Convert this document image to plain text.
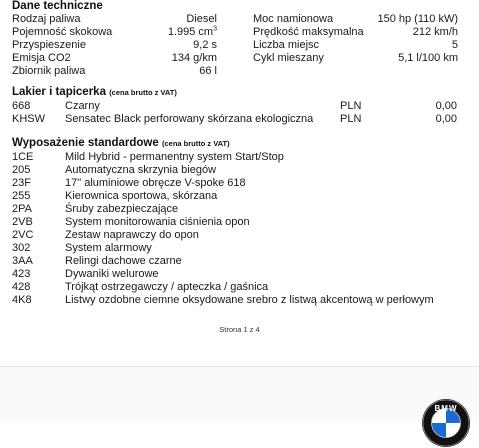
Dane techniczne
Rodzaj paliwa	Diesel
Pojemność skokowa	1.995 $cm^3$
Przyspieszenie	9,2 s
Emisja CO2	134 g/km
Zbiornik paliwa	66 l
Moc namionowa	150 hp (110 kW)
Prędkość maksymalna	212 km/h
Liczba miejsc	5
Cykl mieszany	5,1 l/100 km
Lakier i tapicerka (cena brutto z VAT)
668	Czarny	PLN	0,00
KHSW Sensatec Black perforowany skórzana ekologiczna PLN	0,00
Wyposażenie standardowe (cena brutto z VAT)
1CE	Mild Hybrid - permanentny system Start/Stop
205	Automatyczna skrzynia biegów
23F	17" aluminiowe obręcze V-spoke 618
255	Kierownica sportowa, skórzana
2PA	Śruby zabezpieczające
2VB	System monitorowania ciśnienia opon
2VC	Zestaw naprawczy do opon
302	System alarmowy
3AA	Relingi dachowe czarne
423	Dywaniki welurowe
428	Trójkąt ostrzegawczy / apteczka / gaśnica
4K8	Listwy ozdobne ciemne oksydowane srebro z listwą akcentową w perłowym
Strona 1 z 4
BMW
